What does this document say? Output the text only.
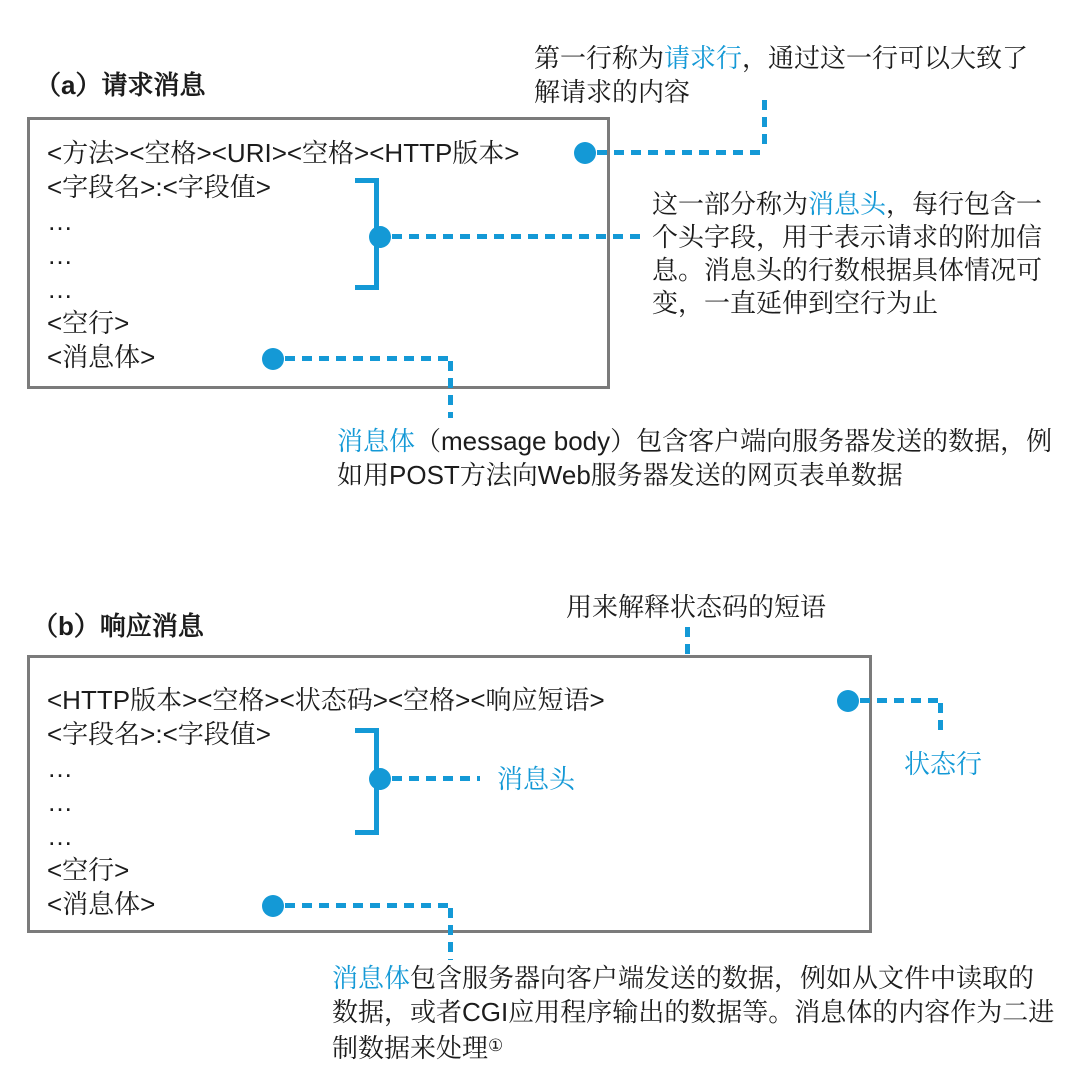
（a）请求消息
<方法><空格><URI><空格><HTTP版本>
<字段名>:<字段值>
…
…
…
<空行>
<消息体>
第一行称为请求行，通过这一行可以大致了
解请求的内容
这一部分称为消息头，每行包含一
个头字段，用于表示请求的附加信
息。消息头的行数根据具体情况可
变，一直延伸到空行为止
消息体（message body）包含客户端向服务器发送的数据，例
如用POST方法向Web服务器发送的网页表单数据
用来解释状态码的短语
（b）响应消息
<HTTP版本><空格><状态码><空格><响应短语>
<字段名>:<字段值>
…
…
…
<空行>
<消息体>
消息头	状态行
消息体包含服务器向客户端发送的数据，例如从文件中读取的
数据，或者CGI应用程序输出的数据等。消息体的内容作为二进
制数据来处理①
